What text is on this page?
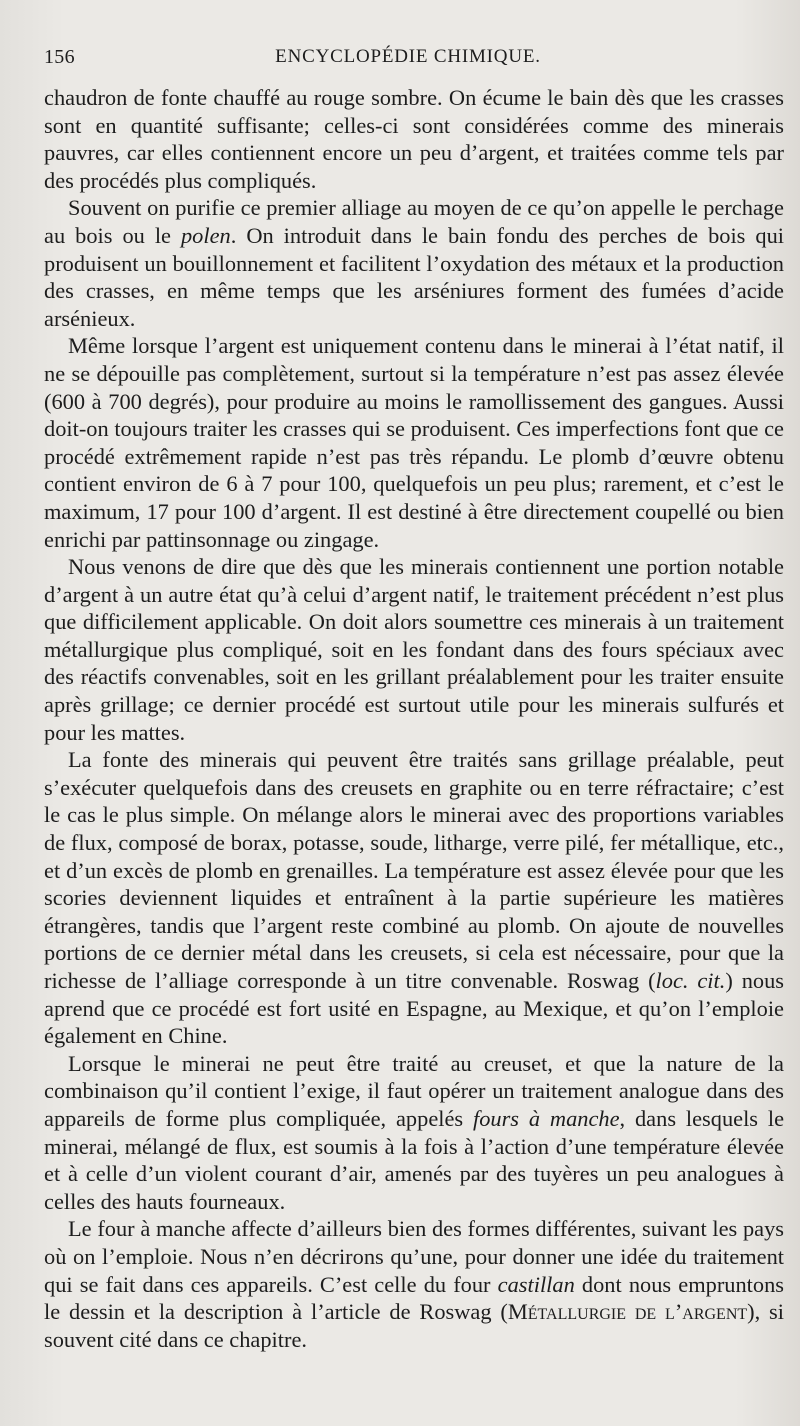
156	ENCYCLOPÉDIE CHIMIQUE.

chaudron de fonte chauffé au rouge sombre. On écume le bain dès que les crasses sont en quantité suffisante; celles-ci sont considérées comme des minerais pauvres, car elles contiennent encore un peu d’argent, et traitées comme tels par des procédés plus compliqués.

Souvent on purifie ce premier alliage au moyen de ce qu’on appelle le perchage au bois ou le polen. On introduit dans le bain fondu des perches de bois qui produisent un bouillonnement et facilitent l’oxydation des métaux et la production des crasses, en même temps que les arséniures forment des fumées d’acide arsénieux.

Même lorsque l’argent est uniquement contenu dans le minerai à l’état natif, il ne se dépouille pas complètement, surtout si la température n’est pas assez élevée (600 à 700 degrés), pour produire au moins le ramollissement des gangues. Aussi doit-on toujours traiter les crasses qui se produisent. Ces imperfections font que ce procédé extrêmement rapide n’est pas très répandu. Le plomb d’œuvre obtenu contient environ de 6 à 7 pour 100, quelquefois un peu plus; rarement, et c’est le maximum, 17 pour 100 d’argent. Il est destiné à être directement coupellé ou bien enrichi par pattinsonnage ou zingage.

Nous venons de dire que dès que les minerais contiennent une portion notable d’argent à un autre état qu’à celui d’argent natif, le traitement précédent n’est plus que difficilement applicable. On doit alors soumettre ces minerais à un traitement métallurgique plus compliqué, soit en les fondant dans des fours spéciaux avec des réactifs convenables, soit en les grillant préalablement pour les traiter ensuite après grillage; ce dernier procédé est surtout utile pour les minerais sulfurés et pour les mattes.

La fonte des minerais qui peuvent être traités sans grillage préalable, peut s’exécuter quelquefois dans des creusets en graphite ou en terre réfractaire; c’est le cas le plus simple. On mélange alors le minerai avec des proportions variables de flux, composé de borax, potasse, soude, litharge, verre pilé, fer métallique, etc., et d’un excès de plomb en grenailles. La température est assez élevée pour que les scories deviennent liquides et entraînent à la partie supérieure les matières étrangères, tandis que l’argent reste combiné au plomb. On ajoute de nouvelles portions de ce dernier métal dans les creusets, si cela est nécessaire, pour que la richesse de l’alliage corresponde à un titre convenable. Roswag (loc. cit.) nous aprend que ce procédé est fort usité en Espagne, au Mexique, et qu’on l’emploie également en Chine.

Lorsque le minerai ne peut être traité au creuset, et que la nature de la combinaison qu’il contient l’exige, il faut opérer un traitement analogue dans des appareils de forme plus compliquée, appelés fours à manche, dans lesquels le minerai, mélangé de flux, est soumis à la fois à l’action d’une température élevée et à celle d’un violent courant d’air, amenés par des tuyères un peu analogues à celles des hauts fourneaux.

Le four à manche affecte d’ailleurs bien des formes différentes, suivant les pays où on l’emploie. Nous n’en décrirons qu’une, pour donner une idée du traitement qui se fait dans ces appareils. C’est celle du four castillan dont nous empruntons le dessin et la description à l’article de Roswag (Métallurgie de l’argent), si souvent cité dans ce chapitre.
